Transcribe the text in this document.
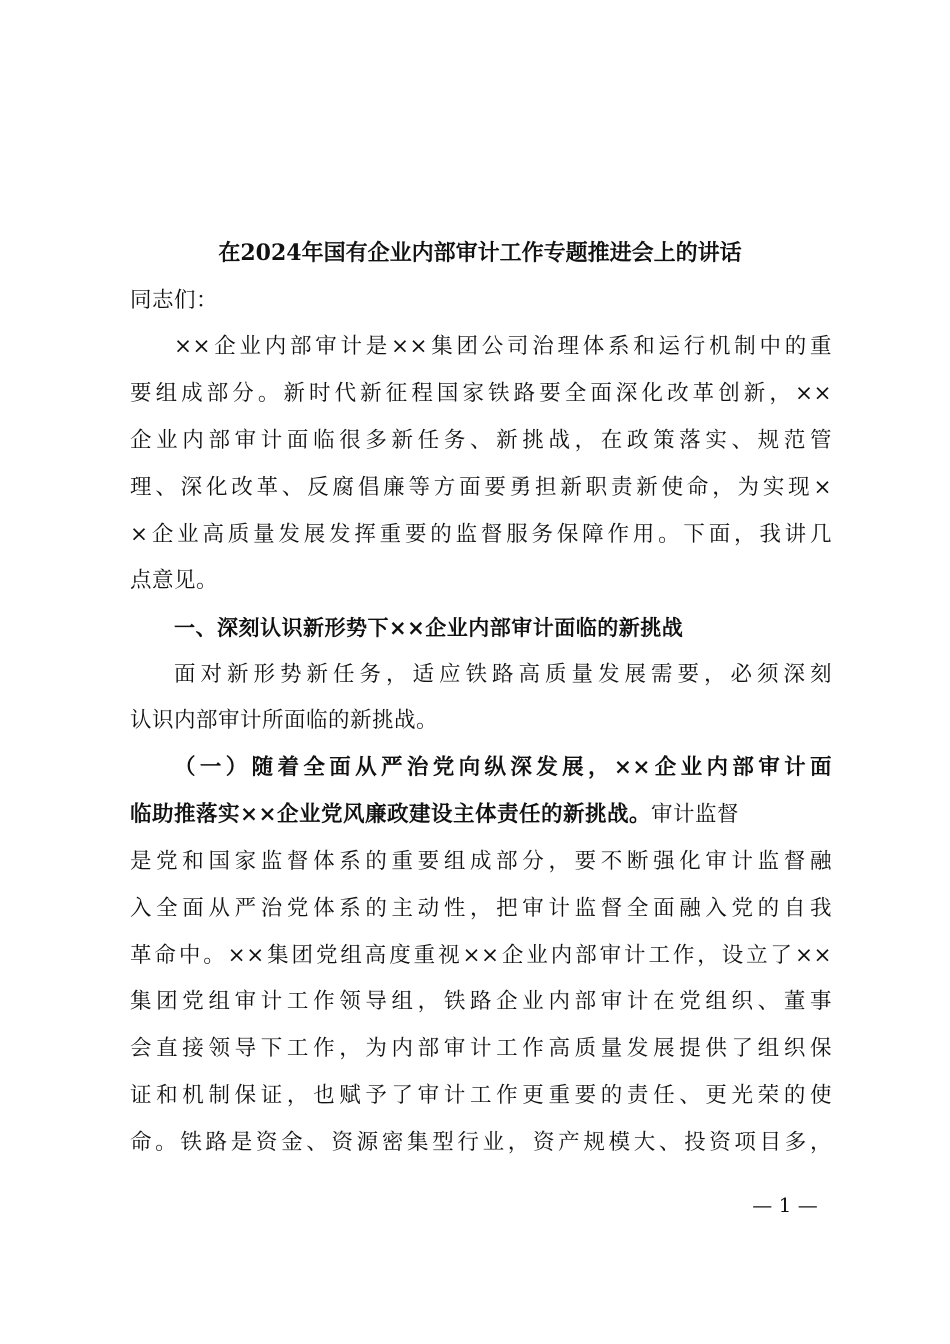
在2024年国有企业内部审计工作专题推进会上的讲话
同志们：
××企业内部审计是××集团公司治理体系和运行机制中的重
要组成部分。新时代新征程国家铁路要全面深化改革创新，××
企业内部审计面临很多新任务、新挑战，在政策落实、规范管
理、深化改革、反腐倡廉等方面要勇担新职责新使命，为实现×
×企业高质量发展发挥重要的监督服务保障作用。下面，我讲几
点意见。
一、深刻认识新形势下××企业内部审计面临的新挑战
面对新形势新任务，适应铁路高质量发展需要，必须深刻
认识内部审计所面临的新挑战。
（一）随着全面从严治党向纵深发展，××企业内部审计面
临助推落实××企业党风廉政建设主体责任的新挑战。审计监督
是党和国家监督体系的重要组成部分，要不断强化审计监督融
入全面从严治党体系的主动性，把审计监督全面融入党的自我
革命中。××集团党组高度重视××企业内部审计工作，设立了××
集团党组审计工作领导组，铁路企业内部审计在党组织、董事
会直接领导下工作，为内部审计工作高质量发展提供了组织保
证和机制保证，也赋予了审计工作更重要的责任、更光荣的使
命。铁路是资金、资源密集型行业，资产规模大、投资项目多，
— 1 —
